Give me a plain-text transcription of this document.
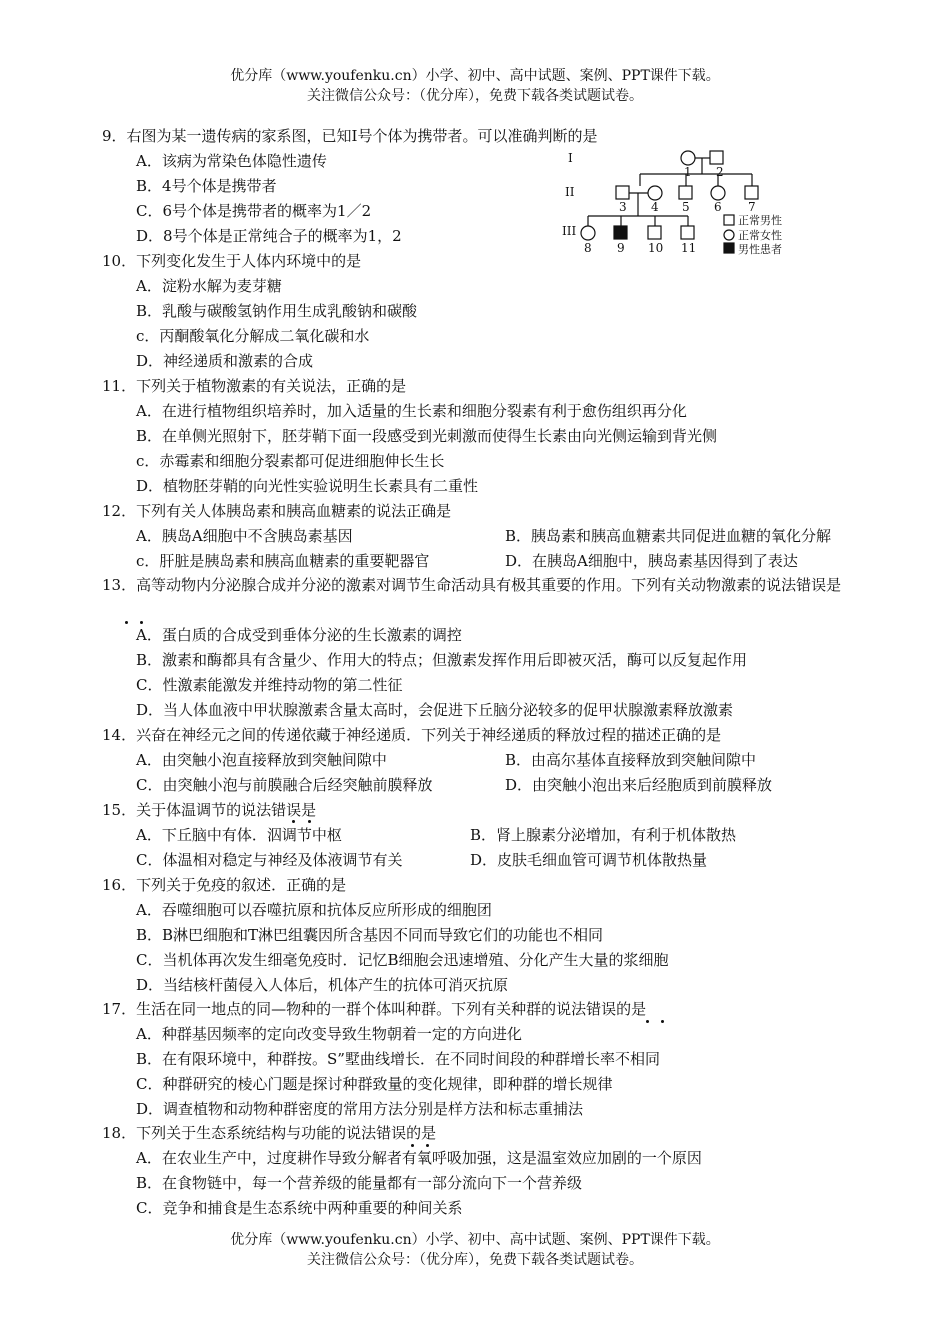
优分库（www.youfenku.cn）小学、初中、高中试题、案例、PPT课件下载。
关注微信公众号：（优分库），免费下载各类试题试卷。
I
II
III
1 2
3 4 5 6 7
8 9 10 11
正常男性
正常女性
男性患者
9．右图为某一遗传病的家系图，已知Ⅰ号个体为携带者。可以准确判断的是
A．该病为常染色体隐性遗传
B．4号个体是携带者
C．6号个体是携带者的概率为1／2
D．8号个体是正常纯合子的概率为1，2
10．下列变化发生于人体内环境中的是
A．淀粉水解为麦芽糖
B．乳酸与碳酸氢钠作用生成乳酸钠和碳酸
c．丙酮酸氧化分解成二氧化碳和水
D．神经递质和激素的合成
11．下列关于植物激素的有关说法，正确的是
A．在进行植物组织培养时，加入适量的生长素和细胞分裂素有利于愈伤组织再分化
B．在单侧光照射下，胚芽鞘下面一段感受到光刺激而使得生长素由向光侧运输到背光侧
c．赤霉素和细胞分裂素都可促进细胞伸长生长
D．植物胚芽鞘的向光性实验说明生长素具有二重性
12．下列有关人体胰岛素和胰高血糖素的说法正确是
A．胰岛A细胞中不含胰岛素基因	B．胰岛素和胰高血糖素共同促进血糖的氧化分解
c．肝脏是胰岛素和胰高血糖素的重要靶器官	D．在胰岛A细胞中，胰岛素基因得到了表达
13．高等动物内分泌腺合成并分泌的激素对调节生命活动具有极其重要的作用。下列有关动物激素的说法错误是
A．蛋白质的合成受到垂体分泌的生长激素的调控
B．激素和酶都具有含量少、作用大的特点；但激素发挥作用后即被灭活，酶可以反复起作用
C．性激素能激发并维持动物的第二性征
D．当人体血液中甲状腺激素含量太高时，会促进下丘脑分泌较多的促甲状腺激素释放激素
14．兴奋在神经元之间的传递依藏于神经递质．下列关于神经递质的释放过程的描述正确的是
A．由突触小泡直接释放到突触间隙中	B．由高尔基体直接释放到突触间隙中
C．由突触小泡与前膜融合后经突触前膜释放	D．由突触小泡出来后经胞质到前膜释放
15．关于体温调节的说法错误是
A．下丘脑中有体．泅调节中枢	B．肾上腺素分泌增加，有利于机体散热
C．体温相对稳定与神经及体液调节有关	D．皮肤毛细血管可调节机体散热量
16．下列关于免疫的叙述．正确的是
A．吞噬细胞可以吞噬抗原和抗体反应所形成的细胞团
B．B淋巴细胞和T淋巴组囊因所含基因不同而导致它们的功能也不相同
C．当机体再次发生细毫免疫时．记忆B细胞会迅速增殖、分化产生大量的浆细胞
D．当结核杆菌侵入人体后，机体产生的抗体可消灭抗原
17．生活在同一地点的同—物种的一群个体叫种群。下列有关种群的说法错误的是
A．种群基因频率的定向改变导致生物朝着一定的方向进化
B．在有限环境中，种群按。S”墅曲线增长．在不同时间段的种群增长率不相同
C．种群研究的棱心门题是探讨种群致量的变化规律，即种群的增长规律
D．调查植物和动物种群密度的常用方法分别是样方法和标志重捕法
18．下列关于生态系统结构与功能的说法错误的是
A．在农业生产中，过度耕作导致分解者有氧呼吸加强，这是温室效应加剧的一个原因
B．在食物链中，每一个营养级的能量都有一部分流向下一个营养级
C．竞争和捕食是生态系统中两种重要的种间关系
优分库（www.youfenku.cn）小学、初中、高中试题、案例、PPT课件下载。
关注微信公众号：（优分库），免费下载各类试题试卷。
